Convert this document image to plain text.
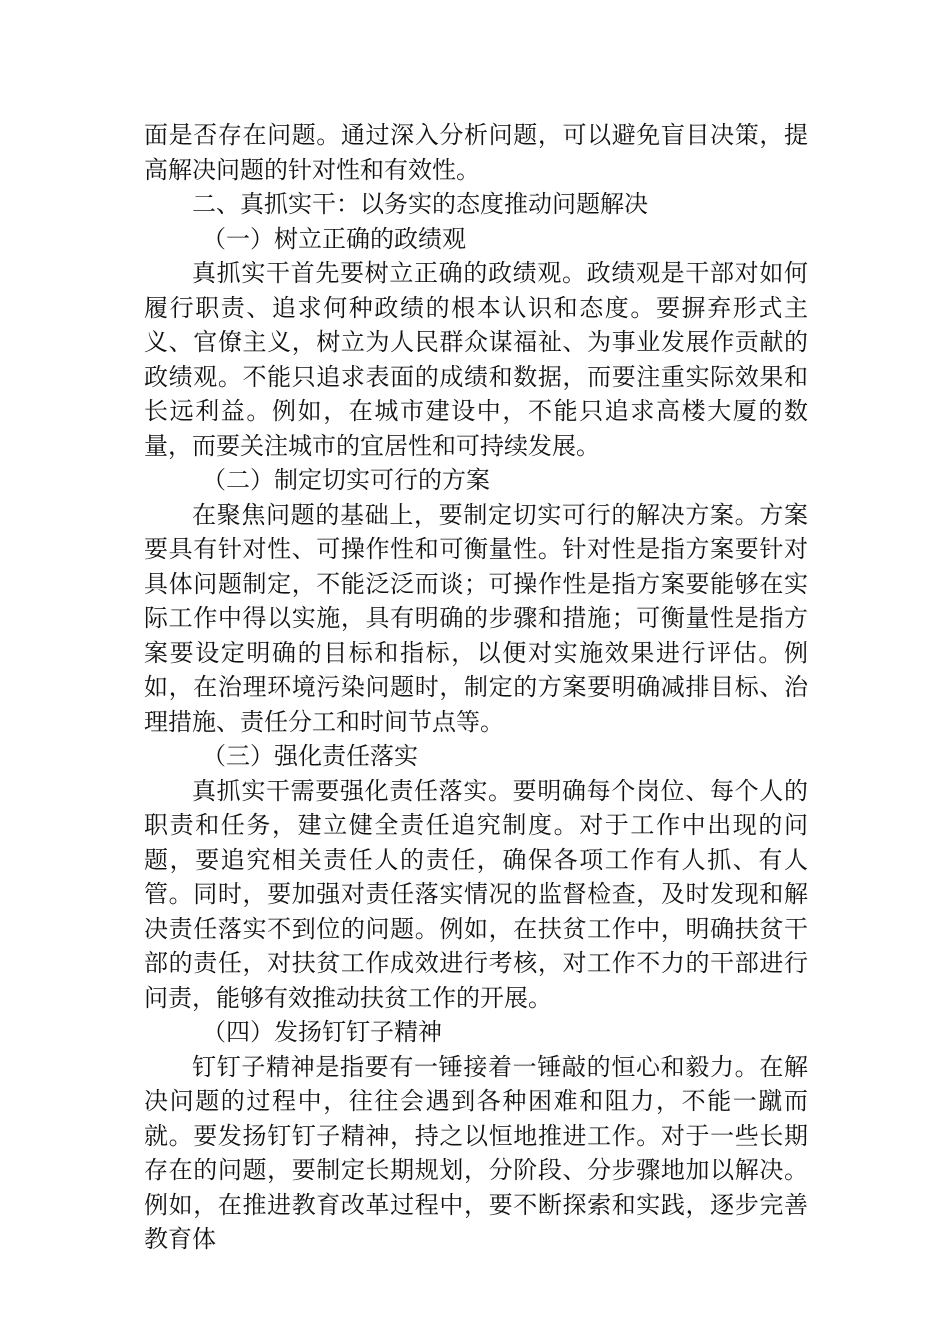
面是否存在问题。通过深入分析问题，可以避免盲目决策，提高解决问题的针对性和有效性。

二、真抓实干：以务实的态度推动问题解决

（一）树立正确的政绩观

真抓实干首先要树立正确的政绩观。政绩观是干部对如何履行职责、追求何种政绩的根本认识和态度。要摒弃形式主义、官僚主义，树立为人民群众谋福祉、为事业发展作贡献的政绩观。不能只追求表面的成绩和数据，而要注重实际效果和长远利益。例如，在城市建设中，不能只追求高楼大厦的数量，而要关注城市的宜居性和可持续发展。

（二）制定切实可行的方案

在聚焦问题的基础上，要制定切实可行的解决方案。方案要具有针对性、可操作性和可衡量性。针对性是指方案要针对具体问题制定，不能泛泛而谈；可操作性是指方案要能够在实际工作中得以实施，具有明确的步骤和措施；可衡量性是指方案要设定明确的目标和指标，以便对实施效果进行评估。例如，在治理环境污染问题时，制定的方案要明确减排目标、治理措施、责任分工和时间节点等。

（三）强化责任落实

真抓实干需要强化责任落实。要明确每个岗位、每个人的职责和任务，建立健全责任追究制度。对于工作中出现的问题，要追究相关责任人的责任，确保各项工作有人抓、有人管。同时，要加强对责任落实情况的监督检查，及时发现和解决责任落实不到位的问题。例如，在扶贫工作中，明确扶贫干部的责任，对扶贫工作成效进行考核，对工作不力的干部进行问责，能够有效推动扶贫工作的开展。

（四）发扬钉钉子精神

钉钉子精神是指要有一锤接着一锤敲的恒心和毅力。在解决问题的过程中，往往会遇到各种困难和阻力，不能一蹴而就。要发扬钉钉子精神，持之以恒地推进工作。对于一些长期存在的问题，要制定长期规划，分阶段、分步骤地加以解决。例如，在推进教育改革过程中，要不断探索和实践，逐步完善教育体
